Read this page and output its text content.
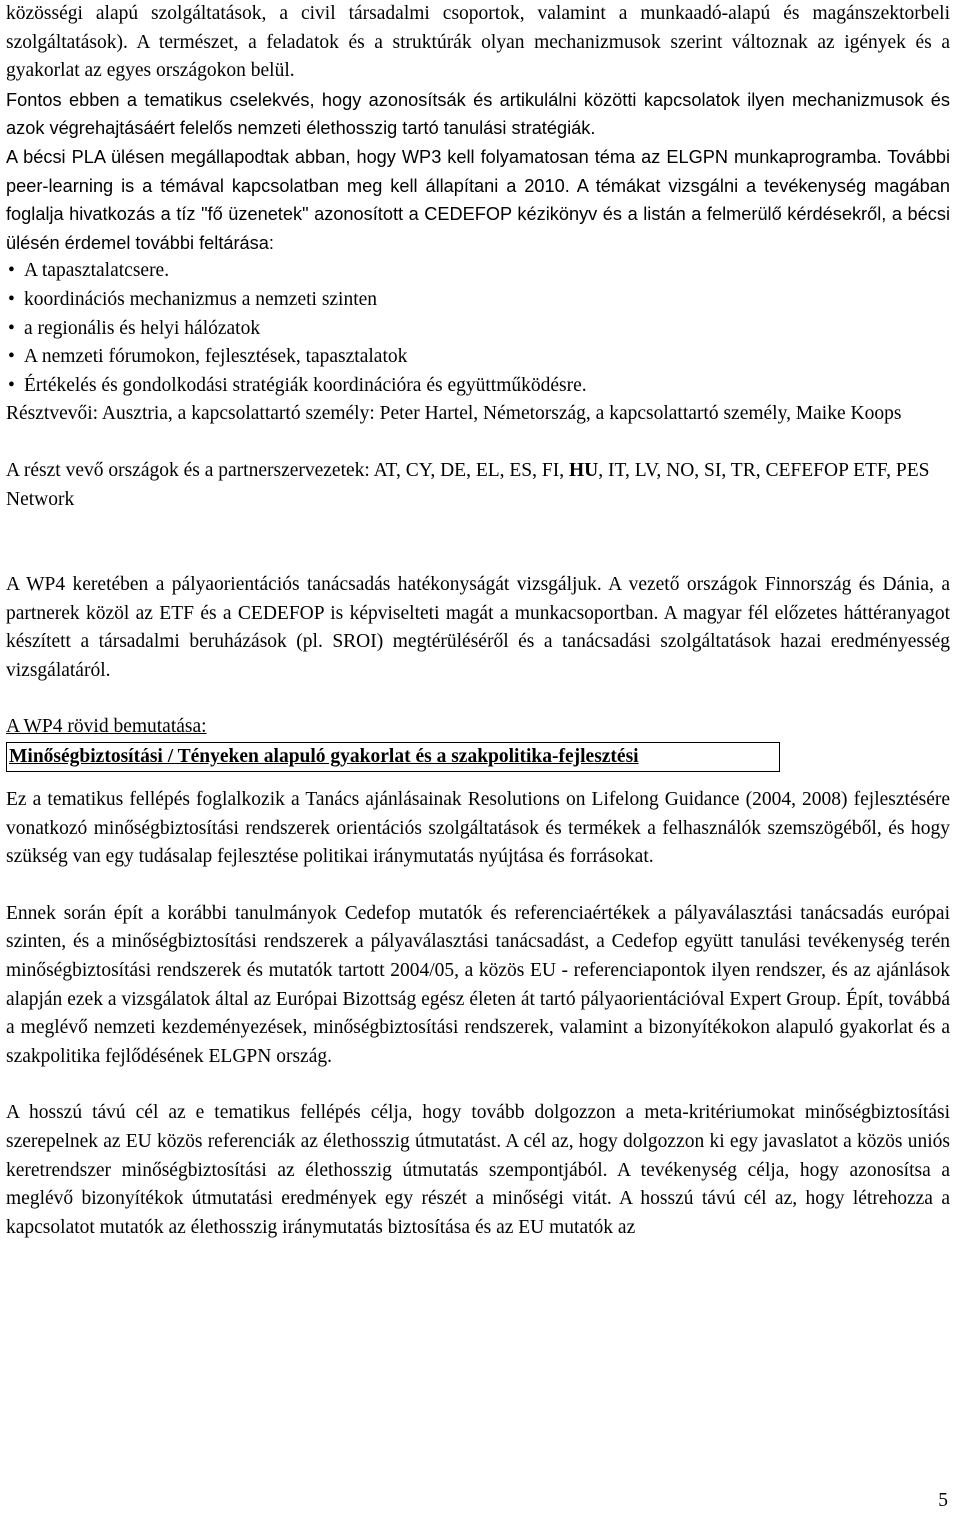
közösségi alapú szolgáltatások, a civil társadalmi csoportok, valamint a munkaadó-alapú és magánszektorbeli szolgáltatások). A természet, a feladatok és a struktúrák olyan mechanizmusok szerint változnak az igények és a gyakorlat az egyes országokon belül.

Fontos ebben a tematikus cselekvés, hogy azonosítsák és artikulálni közötti kapcsolatok ilyen mechanizmusok és azok végrehajtásáért felelős nemzeti élethosszig tartó tanulási stratégiák.

A bécsi PLA ülésen megállapodtak abban, hogy WP3 kell folyamatosan téma az ELGPN munkaprogramba. További peer-learning is a témával kapcsolatban meg kell állapítani a 2010. A témákat vizsgálni a tevékenység magában foglalja hivatkozás a tíz "fő üzenetek" azonosított a CEDEFOP kézikönyv és a listán a felmerülő kérdésekről, a bécsi ülésén érdemel további feltárása:

• A tapasztalatcsere.
• koordinációs mechanizmus a nemzeti szinten
• a regionális és helyi hálózatok
• A nemzeti fórumokon, fejlesztések, tapasztalatok
• Értékelés és gondolkodási stratégiák koordinációra és együttműködésre.

Résztvevői: Ausztria, a kapcsolattartó személy: Peter Hartel, Németország, a kapcsolattartó személy, Maike Koops

A részt vevő országok és a partnerszervezetek: AT, CY, DE, EL, ES, FI, HU, IT, LV, NO, SI, TR, CEFEFOP ETF, PES Network

A WP4 keretében a pályaorientációs tanácsadás hatékonyságát vizsgáljuk. A vezető országok Finnország és Dánia, a partnerek közöl az ETF és a CEDEFOP is képviselteti magát a munkacsoportban. A magyar fél előzetes háttéranyagot készített a társadalmi beruházások (pl. SROI) megtérüléséről és a tanácsadási szolgáltatások hazai eredményesség vizsgálatáról.

A WP4 rövid bemutatása:

Minőségbiztosítási / Tényeken alapuló gyakorlat és a szakpolitika-fejlesztési

Ez a tematikus fellépés foglalkozik a Tanács ajánlásainak Resolutions on Lifelong Guidance (2004, 2008) fejlesztésére vonatkozó minőségbiztosítási rendszerek orientációs szolgáltatások és termékek a felhasználók szemszögéből, és hogy szükség van egy tudásalap fejlesztése politikai iránymutatás nyújtása és forrásokat.

Ennek során épít a korábbi tanulmányok Cedefop mutatók és referenciaértékek a pályaválasztási tanácsadás európai szinten, és a minőségbiztosítási rendszerek a pályaválasztási tanácsadást, a Cedefop együtt tanulási tevékenység terén minőségbiztosítási rendszerek és mutatók tartott 2004/05, a közös EU - referenciapontok ilyen rendszer, és az ajánlások alapján ezek a vizsgálatok által az Európai Bizottság egész életen át tartó pályaorientációval Expert Group. Épít, továbbá a meglévő nemzeti kezdeményezések, minőségbiztosítási rendszerek, valamint a bizonyítékokon alapuló gyakorlat és a szakpolitika fejlődésének ELGPN ország.

A hosszú távú cél az e tematikus fellépés célja, hogy tovább dolgozzon a meta-kritériumokat minőségbiztosítási szerepelnek az EU közös referenciák az élethosszig útmutatást. A cél az, hogy dolgozzon ki egy javaslatot a közös uniós keretrendszer minőségbiztosítási az élethosszig útmutatás szempontjából. A tevékenység célja, hogy azonosítsa a meglévő bizonyítékok útmutatási eredmények egy részét a minőségi vitát. A hosszú távú cél az, hogy létrehozza a kapcsolatot mutatók az élethosszig iránymutatás biztosítása és az EU mutatók az

5
